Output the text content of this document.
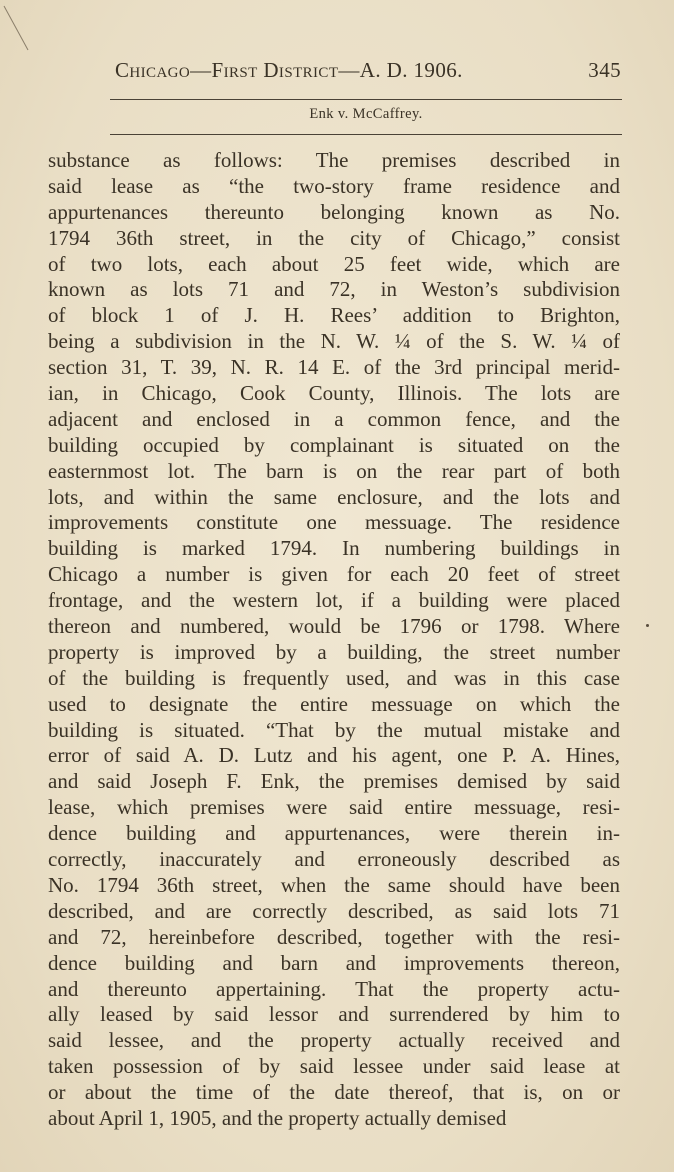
Chicago—First District—A. D. 1906.	345
Enk v. McCaffrey.
substance as follows: The premises described in
said lease as “the two-story frame residence and
appurtenances thereunto belonging known as No.
1794 36th street, in the city of Chicago,” consist
of two lots, each about 25 feet wide, which are
known as lots 71 and 72, in Weston’s subdivision
of block 1 of J. H. Rees’ addition to Brighton,
being a subdivision in the N. W. ¼ of the S. W. ¼ of
section 31, T. 39, N. R. 14 E. of the 3rd principal merid-
ian, in Chicago, Cook County, Illinois. The lots are
adjacent and enclosed in a common fence, and the
building occupied by complainant is situated on the
easternmost lot. The barn is on the rear part of both
lots, and within the same enclosure, and the lots and
improvements constitute one messuage. The residence
building is marked 1794. In numbering buildings in
Chicago a number is given for each 20 feet of street
frontage, and the western lot, if a building were placed
thereon and numbered, would be 1796 or 1798. Where
property is improved by a building, the street number
of the building is frequently used, and was in this case
used to designate the entire messuage on which the
building is situated. “That by the mutual mistake and
error of said A. D. Lutz and his agent, one P. A. Hines,
and said Joseph F. Enk, the premises demised by said
lease, which premises were said entire messuage, resi-
dence building and appurtenances, were therein in-
correctly, inaccurately and erroneously described as
No. 1794 36th street, when the same should have been
described, and are correctly described, as said lots 71
and 72, hereinbefore described, together with the resi-
dence building and barn and improvements thereon,
and thereunto appertaining. That the property actu-
ally leased by said lessor and surrendered by him to
said lessee, and the property actually received and
taken possession of by said lessee under said lease at
or about the time of the date thereof, that is, on or
about April 1, 1905, and the property actually demised
